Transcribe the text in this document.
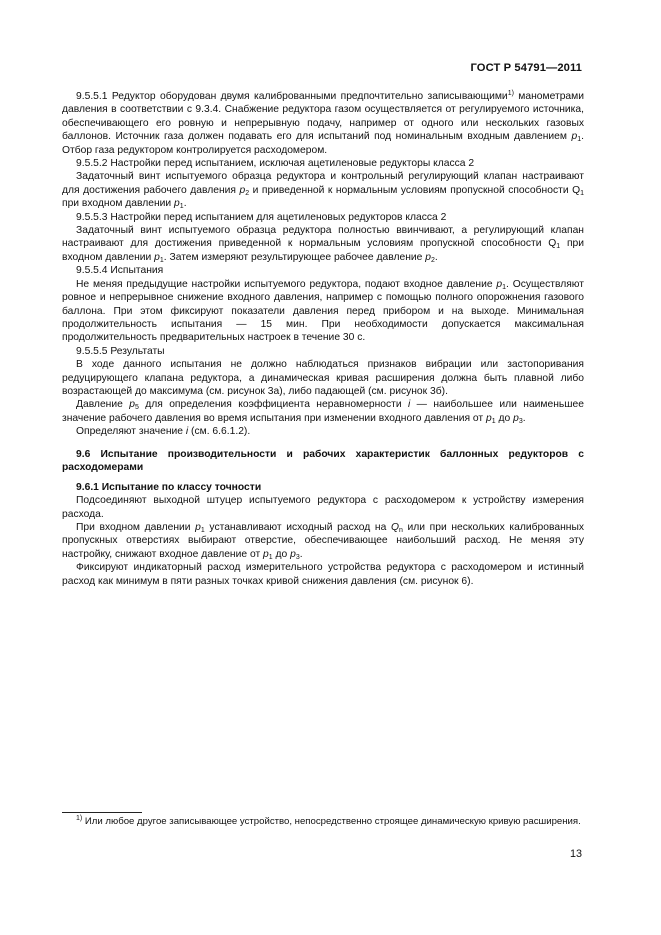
ГОСТ Р 54791—2011

9.5.5.1 Редуктор оборудован двумя калиброванными предпочтительно записывающими$^{1)}$ манометрами давления в соответствии с 9.3.4. Снабжение редуктора газом осуществляется от регулируемого источника, обеспечивающего его ровную и непрерывную подачу, например от одного или нескольких газовых баллонов. Источник газа должен подавать его для испытаний под номинальным входным давлением $p_1$. Отбор газа редуктором контролируется расходомером.

9.5.5.2 Настройки перед испытанием, исключая ацетиленовые редукторы класса 2

Задаточный винт испытуемого образца редуктора и контрольный регулирующий клапан настраивают для достижения рабочего давления $p_2$ и приведенной к нормальным условиям пропускной способности $Q_1$ при входном давлении $p_1$.

9.5.5.3 Настройки перед испытанием для ацетиленовых редукторов класса 2

Задаточный винт испытуемого образца редуктора полностью ввинчивают, а регулирующий клапан настраивают для достижения приведенной к нормальным условиям пропускной способности $Q_1$ при входном давлении $p_1$. Затем измеряют результирующее рабочее давление $p_2$.

9.5.5.4 Испытания

Не меняя предыдущие настройки испытуемого редуктора, подают входное давление $p_1$. Осуществляют ровное и непрерывное снижение входного давления, например с помощью полного опорожнения газового баллона. При этом фиксируют показатели давления перед прибором и на выходе. Минимальная продолжительность испытания — 15 мин. При необходимости допускается максимальная продолжительность предварительных настроек в течение 30 с.

9.5.5.5 Результаты

В ходе данного испытания не должно наблюдаться признаков вибрации или застопоривания редуцирующего клапана редуктора, а динамическая кривая расширения должна быть плавной либо возрастающей до максимума (см. рисунок 3а), либо падающей (см. рисунок 3б).

Давление $p_5$ для определения коэффициента неравномерности i — наибольшее или наименьшее значение рабочего давления во время испытания при изменении входного давления от $p_1$ до $p_3$.

Определяют значение i (см. 6.6.1.2).

9.6 Испытание производительности и рабочих характеристик баллонных редукторов с расходомерами

9.6.1 Испытание по классу точности

Подсоединяют выходной штуцер испытуемого редуктора с расходомером к устройству измерения расхода.

При входном давлении $p_1$ устанавливают исходный расход на $Q_n$ или при нескольких калиброванных пропускных отверстиях выбирают отверстие, обеспечивающее наибольший расход. Не меняя эту настройку, снижают входное давление от $p_1$ до $p_3$.

Фиксируют индикаторный расход измерительного устройства редуктора с расходомером и истинный расход как минимум в пяти разных точках кривой снижения давления (см. рисунок 6).

$^{1)}$ Или любое другое записывающее устройство, непосредственно строящее динамическую кривую расширения.

13
